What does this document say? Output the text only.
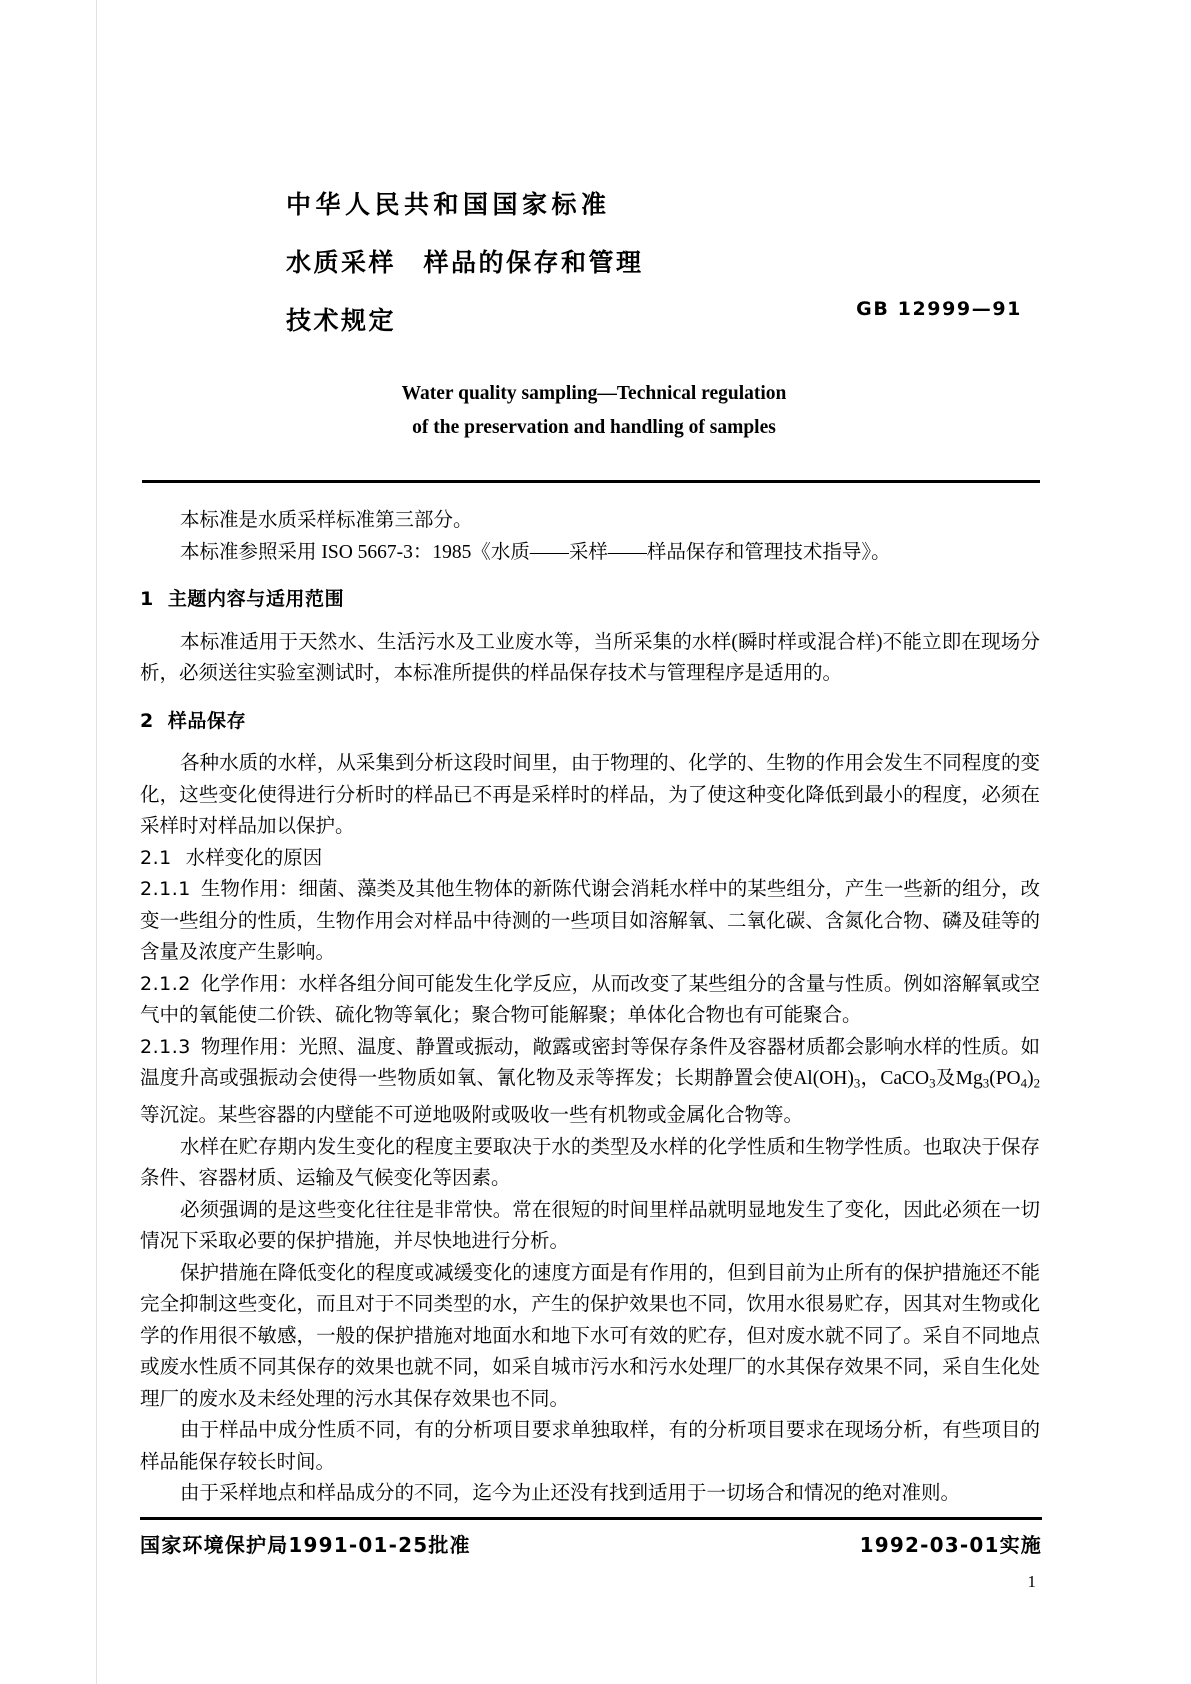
中华人民共和国国家标准
水质采样　样品的保存和管理
技术规定	GB 12999—91
Water quality sampling—Technical regulation
of the preservation and handling of samples

本标准是水质采样标准第三部分。

本标准参照采用 ISO 5667-3：1985《水质——采样——样品保存和管理技术指导》。

1 主题内容与适用范围

本标准适用于天然水、生活污水及工业废水等，当所采集的水样(瞬时样或混合样)不能立即在现场分析，必须送往实验室测试时，本标准所提供的样品保存技术与管理程序是适用的。

2 样品保存

各种水质的水样，从采集到分析这段时间里，由于物理的、化学的、生物的作用会发生不同程度的变化，这些变化使得进行分析时的样品已不再是采样时的样品，为了使这种变化降低到最小的程度，必须在采样时对样品加以保护。

2.1 水样变化的原因

2.1.1 生物作用：细菌、藻类及其他生物体的新陈代谢会消耗水样中的某些组分，产生一些新的组分，改变一些组分的性质，生物作用会对样品中待测的一些项目如溶解氧、二氧化碳、含氮化合物、磷及硅等的含量及浓度产生影响。

2.1.2 化学作用：水样各组分间可能发生化学反应，从而改变了某些组分的含量与性质。例如溶解氧或空气中的氧能使二价铁、硫化物等氧化；聚合物可能解聚；单体化合物也有可能聚合。

2.1.3 物理作用：光照、温度、静置或振动，敞露或密封等保存条件及容器材质都会影响水样的性质。如温度升高或强振动会使得一些物质如氧、氰化物及汞等挥发；长期静置会使$Al(OH)_3$，CaCO$_3$及$Mg_3(PO_4)_2$等沉淀。某些容器的内壁能不可逆地吸附或吸收一些有机物或金属化合物等。

水样在贮存期内发生变化的程度主要取决于水的类型及水样的化学性质和生物学性质。也取决于保存条件、容器材质、运输及气候变化等因素。

必须强调的是这些变化往往是非常快。常在很短的时间里样品就明显地发生了变化，因此必须在一切情况下采取必要的保护措施，并尽快地进行分析。

保护措施在降低变化的程度或减缓变化的速度方面是有作用的，但到目前为止所有的保护措施还不能完全抑制这些变化，而且对于不同类型的水，产生的保护效果也不同，饮用水很易贮存，因其对生物或化学的作用很不敏感，一般的保护措施对地面水和地下水可有效的贮存，但对废水就不同了。采自不同地点或废水性质不同其保存的效果也就不同，如采自城市污水和污水处理厂的水其保存效果不同，采自生化处理厂的废水及未经处理的污水其保存效果也不同。

由于样品中成分性质不同，有的分析项目要求单独取样，有的分析项目要求在现场分析，有些项目的样品能保存较长时间。

由于采样地点和样品成分的不同，迄今为止还没有找到适用于一切场合和情况的绝对准则。

国家环境保护局1991-01-25批准	1992-03-01实施
1
